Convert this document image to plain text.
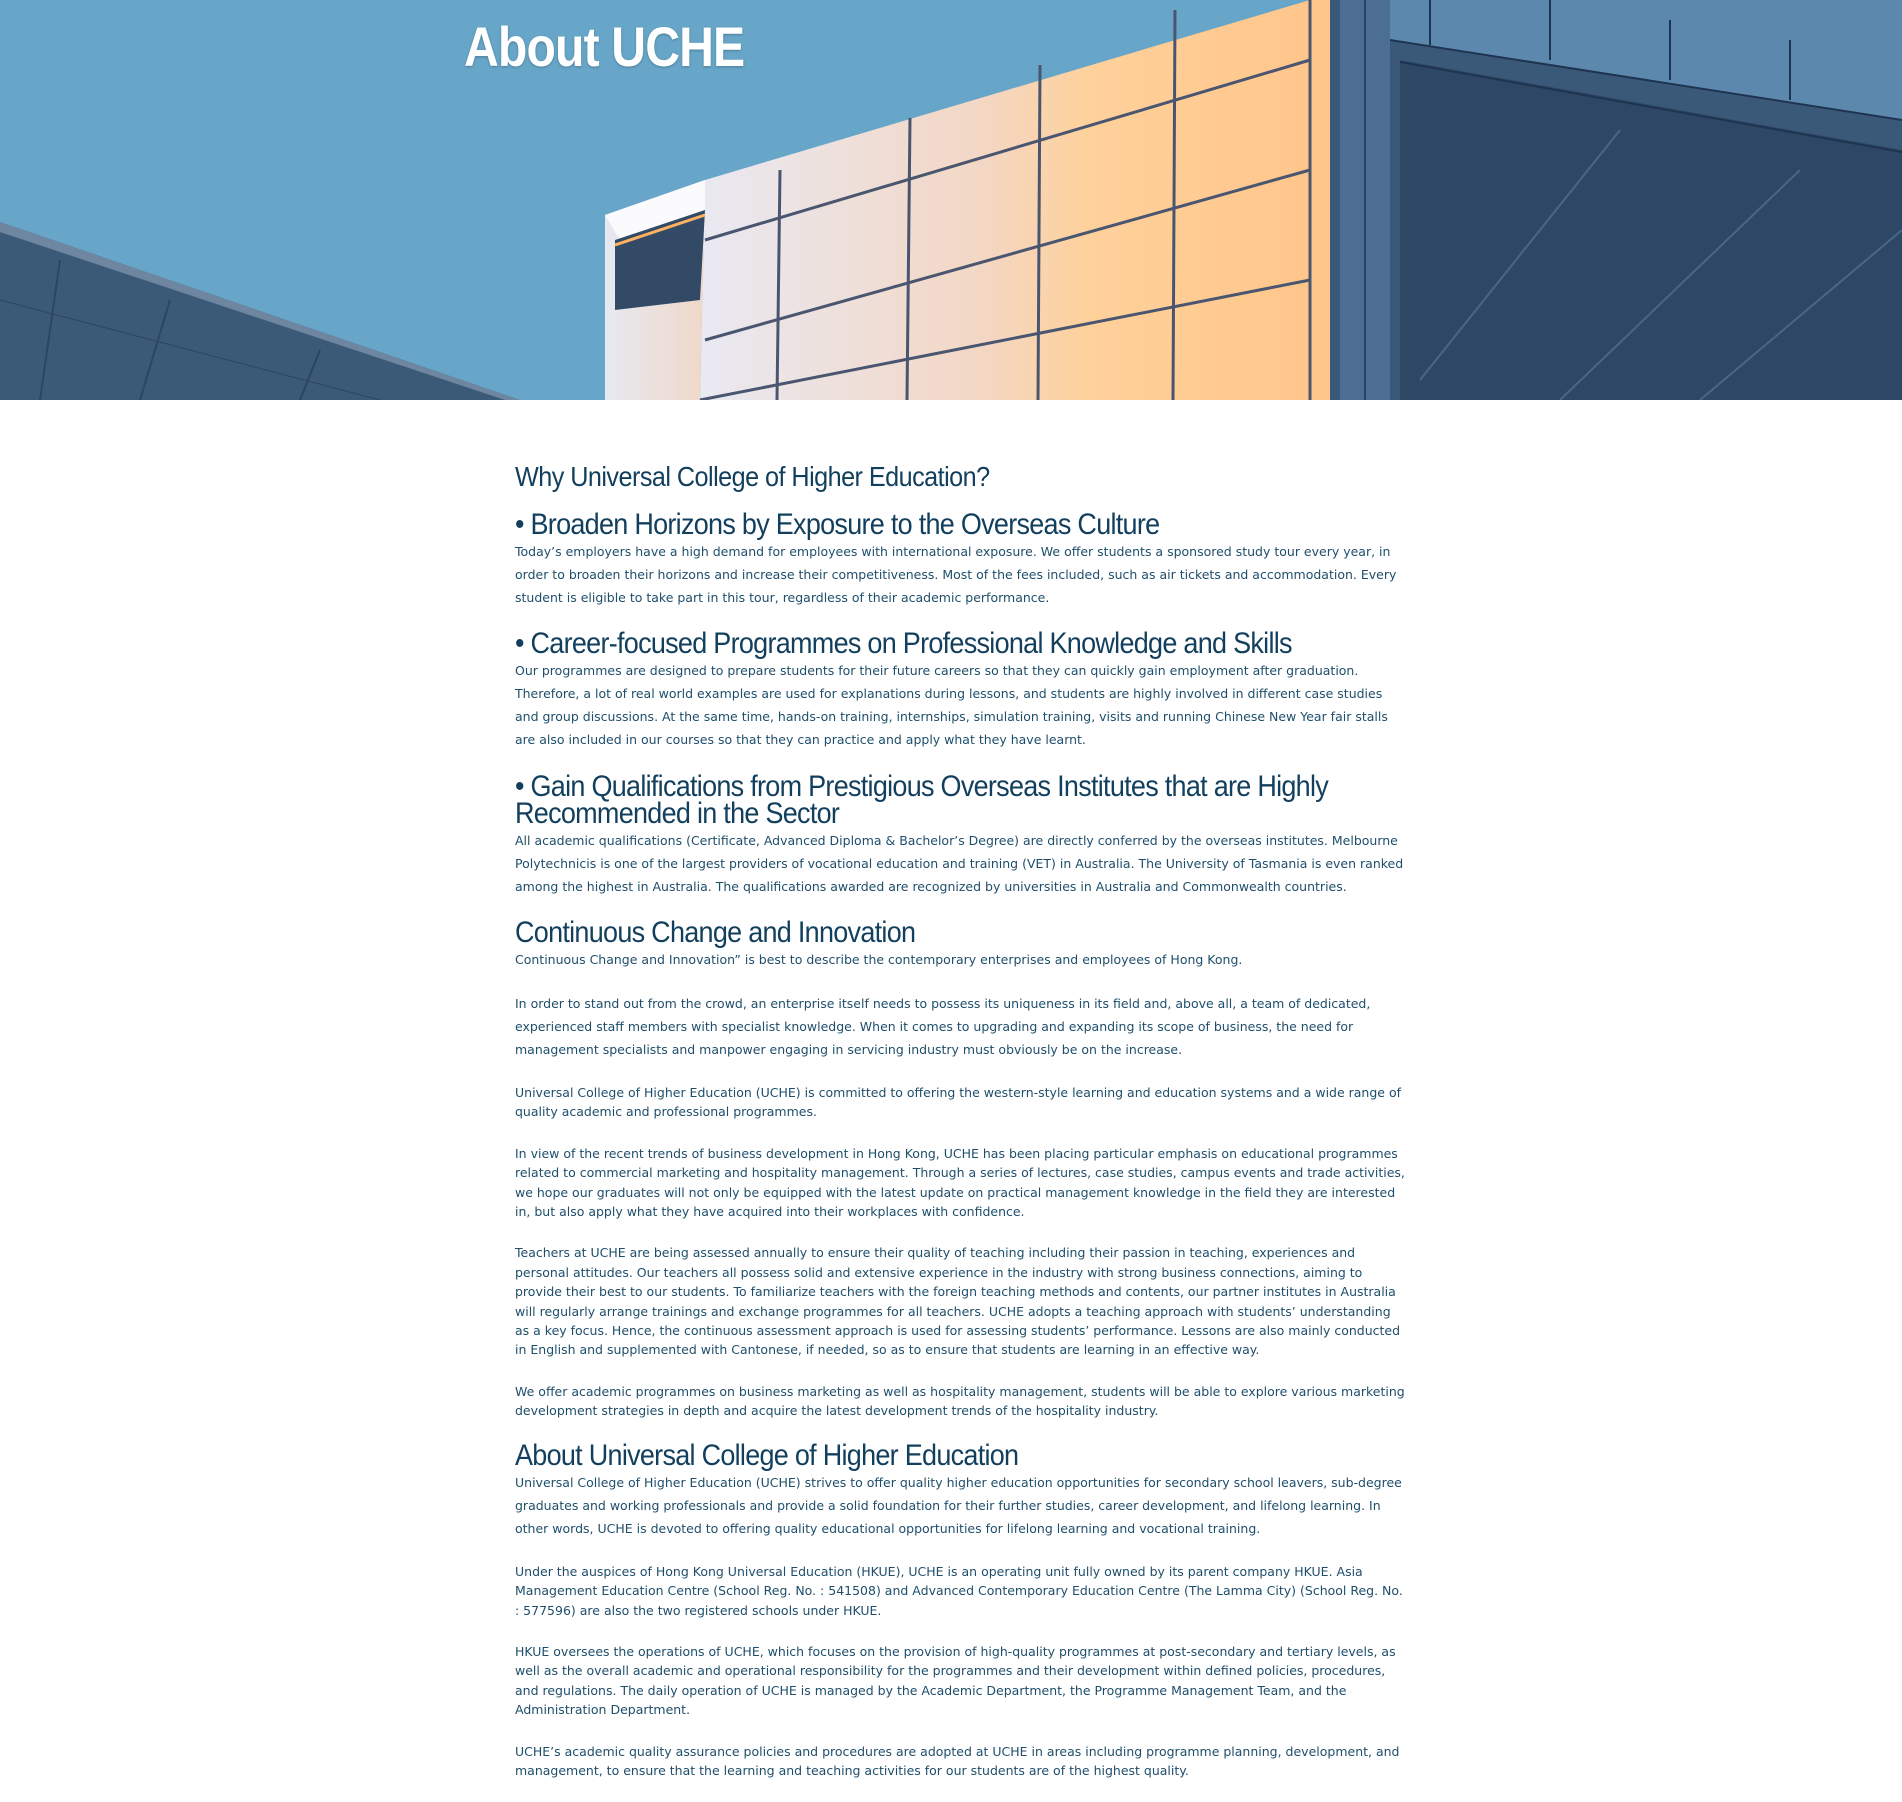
About UCHE
Why Universal College of Higher Education?
• Broaden Horizons by Exposure to the Overseas Culture

Today’s employers have a high demand for employees with international exposure. We offer students a sponsored study tour every year, in order to broaden their horizons and increase their competitiveness. Most of the fees included, such as air tickets and accommodation. Every student is eligible to take part in this tour, regardless of their academic performance.

• Career-focused Programmes on Professional Knowledge and Skills

Our programmes are designed to prepare students for their future careers so that they can quickly gain employment after graduation. Therefore, a lot of real world examples are used for explanations during lessons, and students are highly involved in different case studies and group discussions. At the same time, hands-on training, internships, simulation training, visits and running Chinese New Year fair stalls are also included in our courses so that they can practice and apply what they have learnt.

• Gain Qualifications from Prestigious Overseas Institutes that are Highly Recommended in the Sector

All academic qualifications (Certificate, Advanced Diploma & Bachelor’s Degree) are directly conferred by the overseas institutes. Melbourne Polytechnicis is one of the largest providers of vocational education and training (VET) in Australia. The University of Tasmania is even ranked among the highest in Australia. The qualifications awarded are recognized by universities in Australia and Commonwealth countries.

Continuous Change and Innovation

Continuous Change and Innovation” is best to describe the contemporary enterprises and employees of Hong Kong.

In order to stand out from the crowd, an enterprise itself needs to possess its uniqueness in its field and, above all, a team of dedicated, experienced staff members with specialist knowledge. When it comes to upgrading and expanding its scope of business, the need for management specialists and manpower engaging in servicing industry must obviously be on the increase.

Universal College of Higher Education (UCHE) is committed to offering the western-style learning and education systems and a wide range of quality academic and professional programmes.

In view of the recent trends of business development in Hong Kong, UCHE has been placing particular emphasis on educational programmes related to commercial marketing and hospitality management. Through a series of lectures, case studies, campus events and trade activities, we hope our graduates will not only be equipped with the latest update on practical management knowledge in the field they are interested in, but also apply what they have acquired into their workplaces with confidence.

Teachers at UCHE are being assessed annually to ensure their quality of teaching including their passion in teaching, experiences and personal attitudes. Our teachers all possess solid and extensive experience in the industry with strong business connections, aiming to provide their best to our students. To familiarize teachers with the foreign teaching methods and contents, our partner institutes in Australia will regularly arrange trainings and exchange programmes for all teachers. UCHE adopts a teaching approach with students’ understanding as a key focus. Hence, the continuous assessment approach is used for assessing students’ performance. Lessons are also mainly conducted in English and supplemented with Cantonese, if needed, so as to ensure that students are learning in an effective way.

We offer academic programmes on business marketing as well as hospitality management, students will be able to explore various marketing development strategies in depth and acquire the latest development trends of the hospitality industry.

About Universal College of Higher Education

Universal College of Higher Education (UCHE) strives to offer quality higher education opportunities for secondary school leavers, sub-degree graduates and working professionals and provide a solid foundation for their further studies, career development, and lifelong learning. In other words, UCHE is devoted to offering quality educational opportunities for lifelong learning and vocational training.

Under the auspices of Hong Kong Universal Education (HKUE), UCHE is an operating unit fully owned by its parent company HKUE. Asia Management Education Centre (School Reg. No. : 541508) and Advanced Contemporary Education Centre (The Lamma City) (School Reg. No. : 577596) are also the two registered schools under HKUE.

HKUE oversees the operations of UCHE, which focuses on the provision of high-quality programmes at post-secondary and tertiary levels, as well as the overall academic and operational responsibility for the programmes and their development within defined policies, procedures, and regulations. The daily operation of UCHE is managed by the Academic Department, the Programme Management Team, and the Administration Department.

UCHE’s academic quality assurance policies and procedures are adopted at UCHE in areas including programme planning, development, and management, to ensure that the learning and teaching activities for our students are of the highest quality.
